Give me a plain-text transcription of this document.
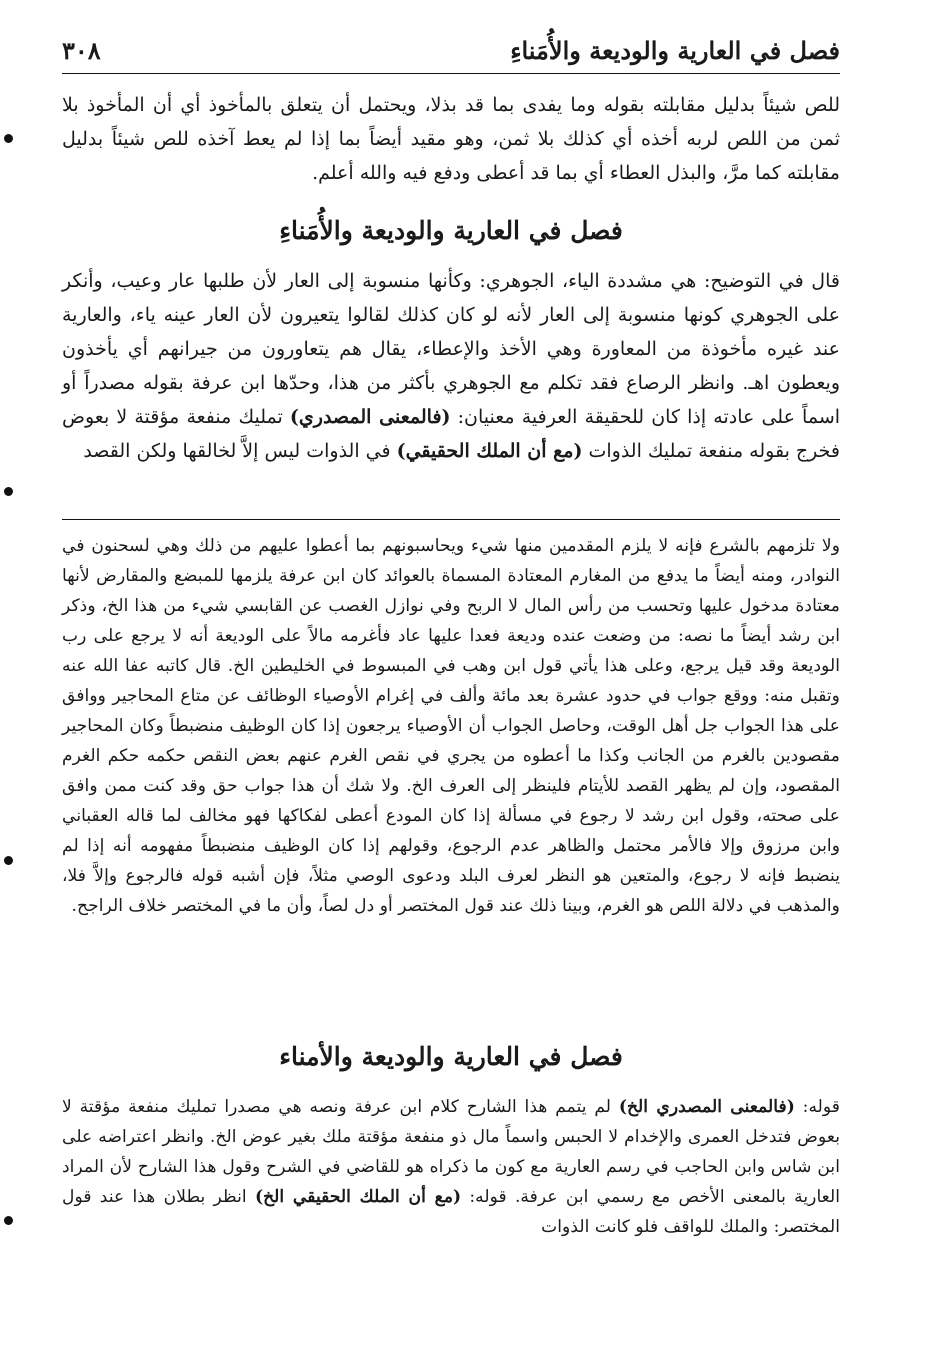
فصل في العارية والوديعة والأُمَناءِ
٣٠٨

للص شيئاً بدليل مقابلته بقوله وما يفدى بما قد بذلا، ويحتمل أن يتعلق بالمأخوذ أي أن المأخوذ بلا ثمن من اللص لربه أخذه أي كذلك بلا ثمن، وهو مقيد أيضاً بما إذا لم يعط آخذه للص شيئاً بدليل مقابلته كما مرَّ، والبذل العطاء أي بما قد أعطى ودفع فيه والله أعلم.

فصل في العارية والوديعة والأُمَناءِ

قال في التوضيح: هي مشددة الياء، الجوهري: وكأنها منسوبة إلى العار لأن طلبها عار وعيب، وأنكر على الجوهري كونها منسوبة إلى العار لأنه لو كان كذلك لقالوا يتعيرون لأن العار عينه ياء، والعارية عند غيره مأخوذة من المعاورة وهي الأخذ والإعطاء، يقال هم يتعاورون من جيرانهم أي يأخذون ويعطون اهـ. وانظر الرصاع فقد تكلم مع الجوهري بأكثر من هذا، وحدّها ابن عرفة بقوله مصدراً أو اسماً على عادته إذا كان للحقيقة العرفية معنيان: (فالمعنى المصدري) تمليك منفعة مؤقتة لا بعوض فخرج بقوله منفعة تمليك الذوات (مع أن الملك الحقيقي) في الذوات ليس إلاَّ لخالقها ولكن القصد

ولا تلزمهم بالشرع فإنه لا يلزم المقدمين منها شيء ويحاسبونهم بما أعطوا عليهم من ذلك وهي لسحنون في النوادر، ومنه أيضاً ما يدفع من المغارم المعتادة المسماة بالعوائد كان ابن عرفة يلزمها للمبضع والمقارض لأنها معتادة مدخول عليها وتحسب من رأس المال لا الربح وفي نوازل الغصب عن القابسي شيء من هذا الخ، وذكر ابن رشد أيضاً ما نصه: من وضعت عنده وديعة فعدا عليها عاد فأغرمه مالاً على الوديعة أنه لا يرجع على رب الوديعة وقد قيل يرجع، وعلى هذا يأتي قول ابن وهب في المبسوط في الخليطين الخ. قال كاتبه عفا الله عنه وتقبل منه: ووقع جواب في حدود عشرة بعد مائة وألف في إغرام الأوصياء الوظائف عن متاع المحاجير ووافق على هذا الجواب جل أهل الوقت، وحاصل الجواب أن الأوصياء يرجعون إذا كان الوظيف منضبطاً وكان المحاجير مقصودين بالغرم من الجانب وكذا ما أعطوه من يجري في نقص الغرم عنهم بعض النقص حكمه حكم الغرم المقصود، وإن لم يظهر القصد للأيتام فلينظر إلى العرف الخ. ولا شك أن هذا جواب حق وقد كنت ممن وافق على صحته، وقول ابن رشد لا رجوع في مسألة إذا كان المودع أعطى لفكاكها فهو مخالف لما قاله العقباني وابن مرزوق وإلا فالأمر محتمل والظاهر عدم الرجوع، وقولهم إذا كان الوظيف منضبطاً مفهومه أنه إذا لم ينضبط فإنه لا رجوع، والمتعين هو النظر لعرف البلد ودعوى الوصي مثلاً، فإن أشبه قوله فالرجوع وإلاَّ فلا، والمذهب في دلالة اللص هو الغرم، وبينا ذلك عند قول المختصر أو دل لصاً، وأن ما في المختصر خلاف الراجح.

فصل في العارية والوديعة والأمناء

قوله: (فالمعنى المصدري الخ) لم يتمم هذا الشارح كلام ابن عرفة ونصه هي مصدرا تمليك منفعة مؤقتة لا بعوض فتدخل العمرى والإخدام لا الحبس واسماً مال ذو منفعة مؤقتة ملك بغير عوض الخ. وانظر اعتراضه على ابن شاس وابن الحاجب في رسم العارية مع كون ما ذكراه هو للقاضي في الشرح وقول هذا الشارح لأن المراد العارية بالمعنى الأخص مع رسمي ابن عرفة. قوله: (مع أن الملك الحقيقي الخ) انظر بطلان هذا عند قول المختصر: والملك للواقف فلو كانت الذوات
